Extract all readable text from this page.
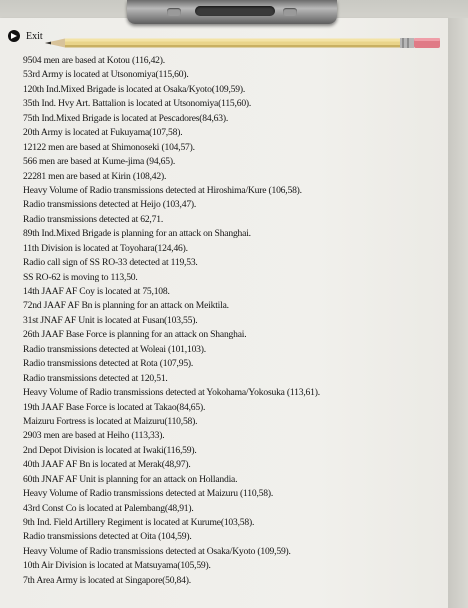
Exit
9504 men are based at Kotou (116,42).
53rd Army is located at Utsonomiya(115,60).
120th Ind.Mixed Brigade is located at Osaka/Kyoto(109,59).
35th Ind. Hvy Art. Battalion is located at Utsonomiya(115,60).
75th Ind.Mixed Brigade is located at Pescadores(84,63).
20th Army is located at Fukuyama(107,58).
12122 men are based at Shimonoseki (104,57).
566 men are based at Kume-jima (94,65).
22281 men are based at Kirin (108,42).
Heavy Volume of Radio transmissions detected at Hiroshima/Kure (106,58).
Radio transmissions detected at Heijo (103,47).
Radio transmissions detected at 62,71.
89th Ind.Mixed Brigade is planning for an attack on Shanghai.
11th Division is located at Toyohara(124,46).
Radio call sign of SS RO-33 detected at 119,53.
SS RO-62 is moving to 113,50.
14th JAAF AF Coy is located at 75,108.
72nd JAAF AF Bn is planning for an attack on Meiktila.
31st JNAF AF Unit is located at Fusan(103,55).
26th JAAF Base Force is planning for an attack on Shanghai.
Radio transmissions detected at Woleai (101,103).
Radio transmissions detected at Rota (107,95).
Radio transmissions detected at 120,51.
Heavy Volume of Radio transmissions detected at Yokohama/Yokosuka (113,61).
19th JAAF Base Force is located at Takao(84,65).
Maizuru Fortress is located at Maizuru(110,58).
2903 men are based at Heiho (113,33).
2nd Depot Division is located at Iwaki(116,59).
40th JAAF AF Bn is located at Merak(48,97).
60th JNAF AF Unit is planning for an attack on Hollandia.
Heavy Volume of Radio transmissions detected at Maizuru (110,58).
43rd Const Co is located at Palembang(48,91).
9th Ind. Field Artillery Regiment is located at Kurume(103,58).
Radio transmissions detected at Oita (104,59).
Heavy Volume of Radio transmissions detected at Osaka/Kyoto (109,59).
10th Air Division is located at Matsuyama(105,59).
7th Area Army is located at Singapore(50,84).
